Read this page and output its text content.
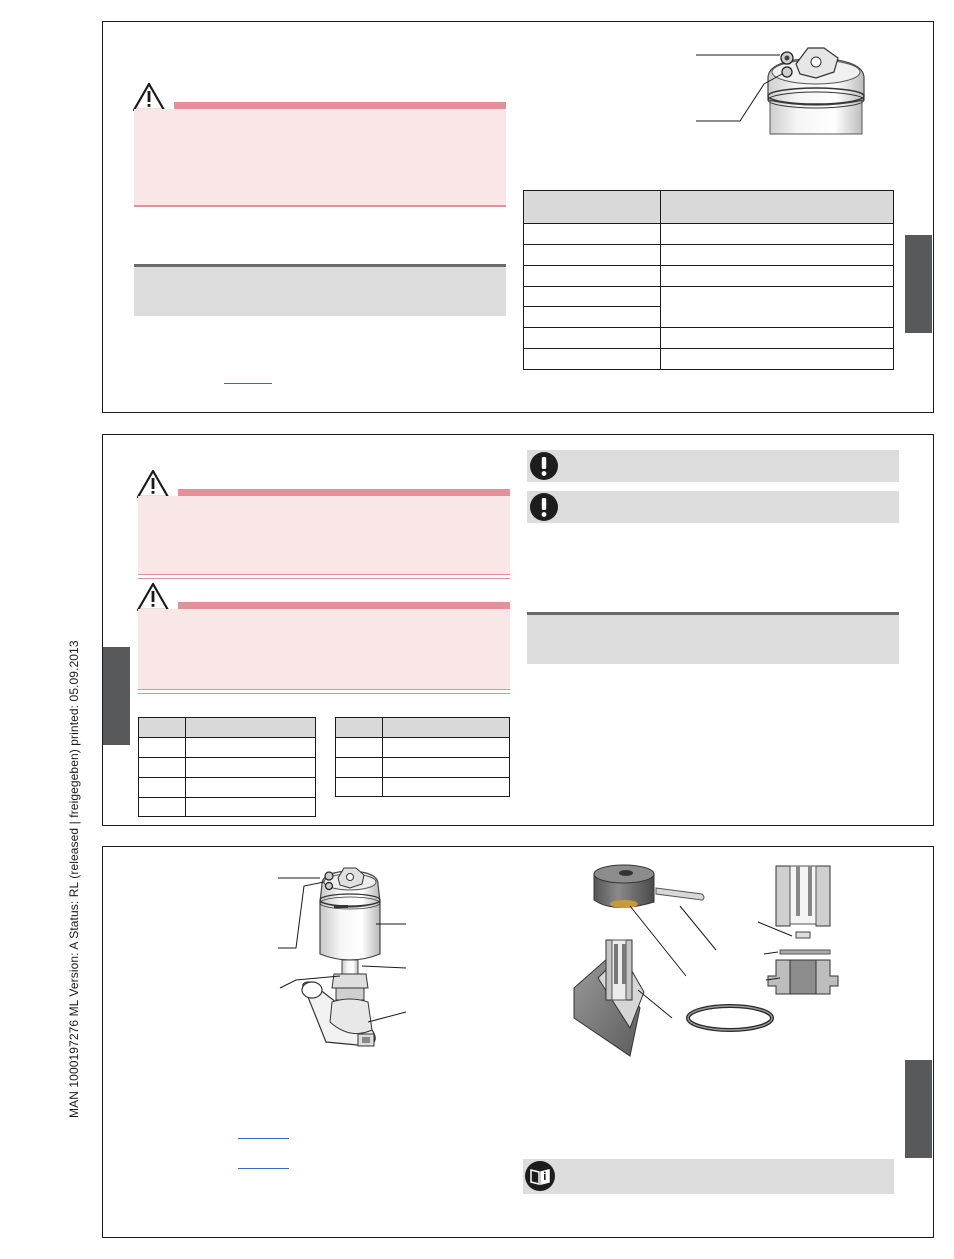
MAN 1000197276 ML Version: A Status: RL (released | freigegeben) printed: 05.09.2013
